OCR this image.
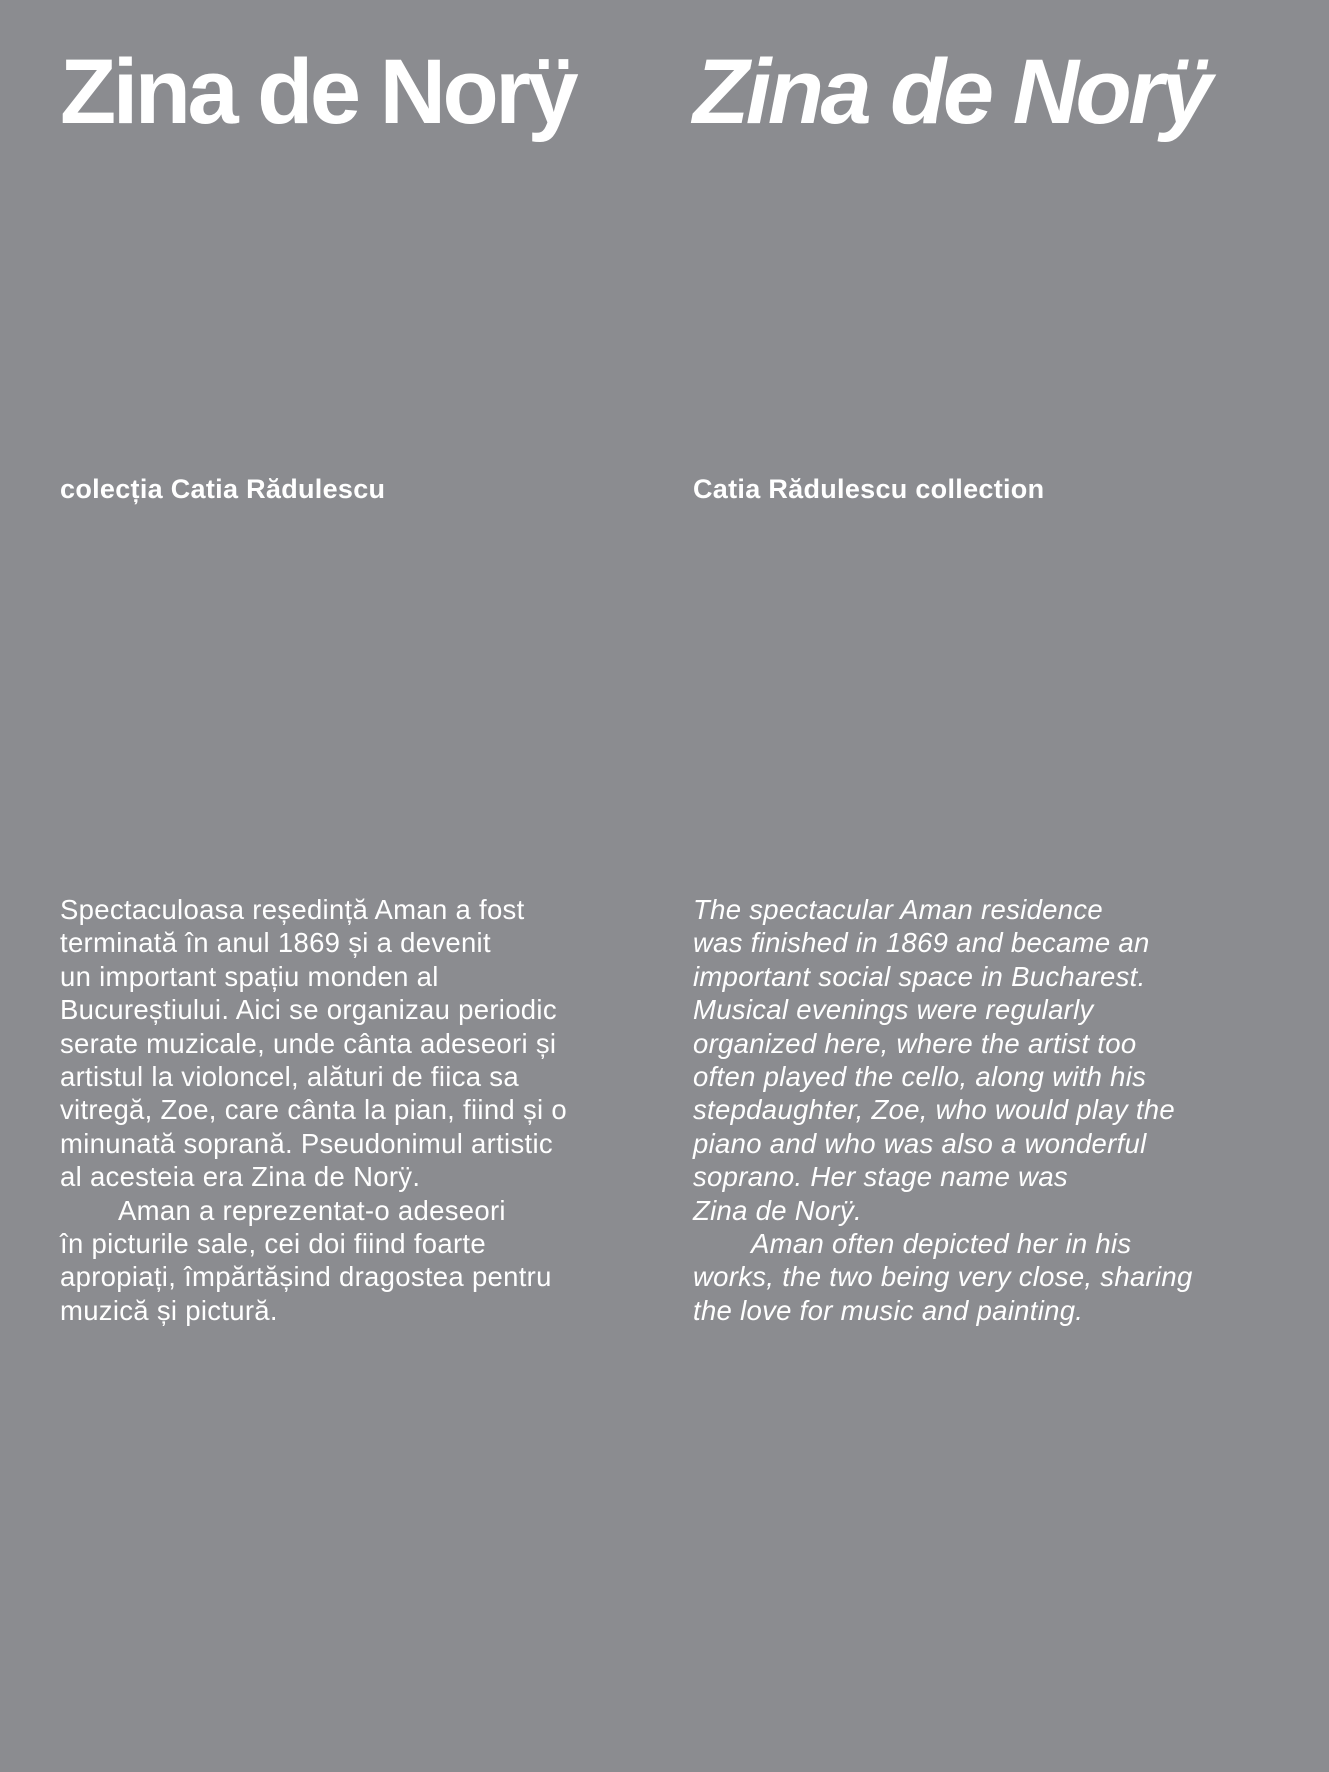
Zina de Norÿ
colecția Catia Rădulescu

Spectaculoasa reședință Aman a fost
terminată în anul 1869 și a devenit
un important spațiu monden al
Bucureștiului. Aici se organizau periodic
serate muzicale, unde cânta adeseori și
artistul la violoncel, alături de fiica sa
vitregă, Zoe, care cânta la pian, fiind și o
minunată soprană. Pseudonimul artistic
al acesteia era Zina de Norÿ.
Aman a reprezentat-o adeseori
în picturile sale, cei doi fiind foarte
apropiați, împărtășind dragostea pentru
muzică și pictură.

Zina de Norÿ
Catia Rădulescu collection

The spectacular Aman residence
was finished in 1869 and became an
important social space in Bucharest.
Musical evenings were regularly
organized here, where the artist too
often played the cello, along with his
stepdaughter, Zoe, who would play the
piano and who was also a wonderful
soprano. Her stage name was
Zina de Norÿ.
Aman often depicted her in his
works, the two being very close, sharing
the love for music and painting.
